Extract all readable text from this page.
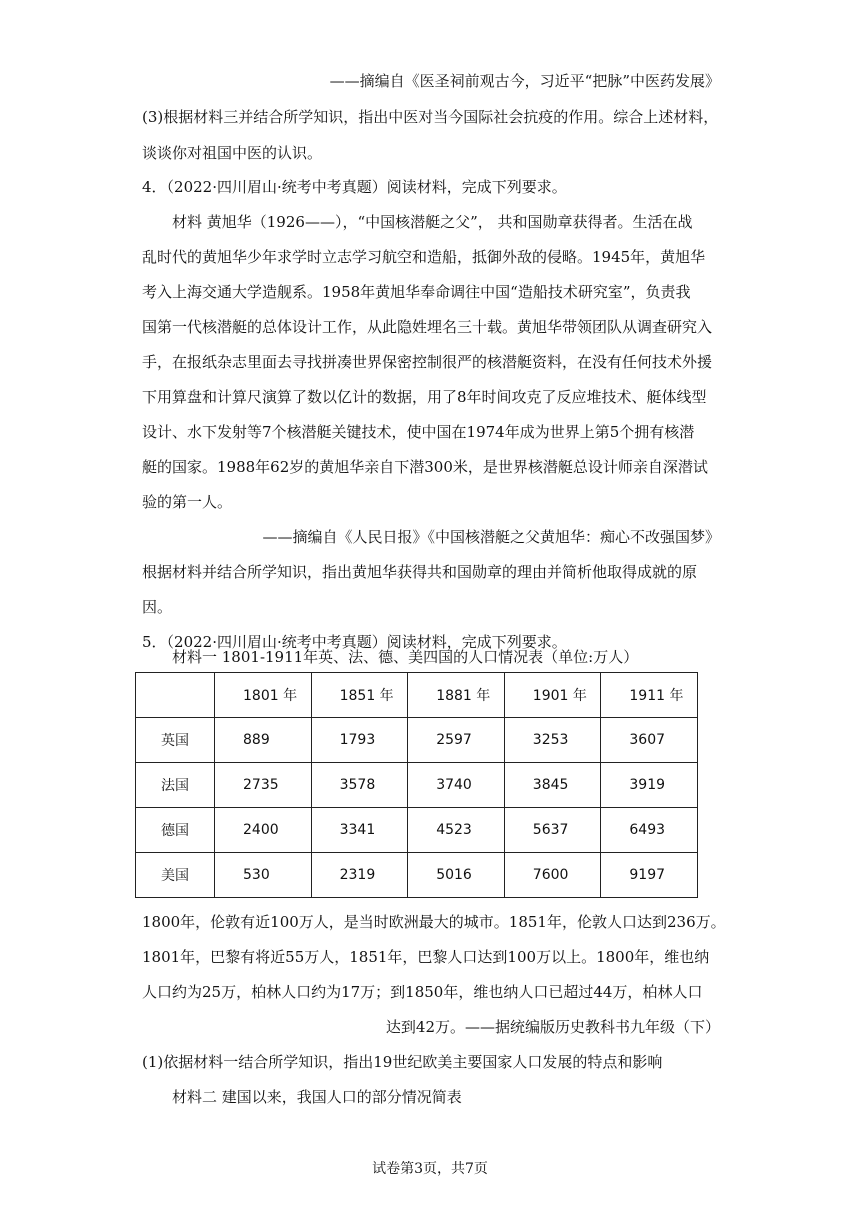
——摘编自《医圣祠前观古今，习近平“把脉”中医药发展》
(3)根据材料三并结合所学知识，指出中医对当今国际社会抗疫的作用。综合上述材料，
谈谈你对祖国中医的认识。
4．（2022·四川眉山·统考中考真题）阅读材料，完成下列要求。
材料 黄旭华（1926——），“中国核潜艇之父”， 共和国勋章获得者。生活在战
乱时代的黄旭华少年求学时立志学习航空和造船，抵御外敌的侵略。1945年，黄旭华
考入上海交通大学造舰系。1958年黄旭华奉命调往中国“造船技术研究室”，负责我
国第一代核潜艇的总体设计工作，从此隐姓埋名三十载。黄旭华带领团队从调查研究入
手，在报纸杂志里面去寻找拼凑世界保密控制很严的核潜艇资料，在没有任何技术外援
下用算盘和计算尺演算了数以亿计的数据，用了8年时间攻克了反应堆技术、艇体线型
设计、水下发射等7个核潜艇关键技术，使中国在1974年成为世界上第5个拥有核潜
艇的国家。1988年62岁的黄旭华亲自下潜300米，是世界核潜艇总设计师亲自深潜试
验的第一人。
——摘编自《人民日报》《中国核潜艇之父黄旭华：痴心不改强国梦》
根据材料并结合所学知识，指出黄旭华获得共和国勋章的理由并简析他取得成就的原
因。
5．（2022·四川眉山·统考中考真题）阅读材料，完成下列要求。
材料一 1801-1911年英、法、德、美四国的人口情况表（单位:万人）
	1801 年	1851 年	1881 年	1901 年	1911 年
英国	889	1793	2597	3253	3607
法国	2735	3578	3740	3845	3919
德国	2400	3341	4523	5637	6493
美国	530	2319	5016	7600	9197
1800年，伦敦有近100万人，是当时欧洲最大的城市。1851年，伦敦人口达到236万。
1801年，巴黎有将近55万人，1851年，巴黎人口达到100万以上。1800年，维也纳
人口约为25万，柏林人口约为17万；到1850年，维也纳人口已超过44万，柏林人口
达到42万。——据统编版历史教科书九年级（下）
(1)依据材料一结合所学知识，指出19世纪欧美主要国家人口发展的特点和影响
材料二 建国以来，我国人口的部分情况简表
试卷第3页，共7页
